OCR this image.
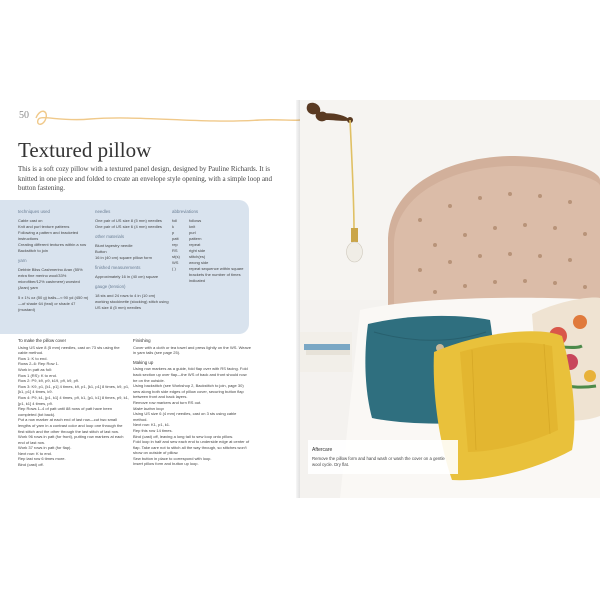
50
Textured pillow

This is a soft cozy pillow with a textured panel design, designed by Pauline Richards. It is knitted in one piece and folded to create an envelope style opening, with a simple loop and button fastening.

techniques used

Cable cast on

Knit and purl texture patterns

Following a pattern and bracketed instructions

Creating different textures within a row

Backstitch to join

yarn

Debbie Bliss Cashmerino Aran (55% extra fine merino wool/33% microfiber/12% cashmere) worsted (Aran) yarn

5 x 1¾ oz (50 g) balls—≈ 90 yd (450 m) —of shade 64 (teal) or shade 47 (mustard)

needles

One pair of US size 8 (5 mm) needles

One pair of US size 6 (4 mm) needles

other materials

Blunt tapestry needle

Button

16 in (40 cm) square pillow form

finished measurements

Approximately 16 in (40 cm) square

gauge (tension)

18 sts and 24 rows to 4 in (10 cm) working stockinette (stocking) stitch using US size 8 (5 mm) needles

abbreviations
foll	follows
k	knit
p	purl
patt	pattern
rep	repeat
RS	right side
st(s)	stitch(es)
WS	wrong side
( )	repeat sequence within square brackets the number of times indicated
To make the pillow cover

Using US size 8 (5 mm) needles, cast on 73 sts using the cable method.

Row 1: K to end.

Rows 2–6: Rep Row 1.

Work in patt as foll:

Row 1 (RS): K to end.

Row 2: P9, k9, p9, k19, p9, k9, p9.

Row 3: K9, p1, [k1, p1] 4 times, k9, p1, [k1, p1] 8 times, k9, p1, [k1, p1] 4 times, k9.

Row 4: P9, k1, [p1, k1] 4 times, p9, k1, [p1, k1] 8 times, p9, k1, [p1, k1] 4 times, p9.

Rep Rows 1–4 of patt until 88 rows of patt have been completed (tot back).

Put a row marker at each end of last row—cut two small lengths of yarn in a contrast color and loop one through the first stitch and the other through the last stitch of last row.

Work 96 rows in patt (for front), putting row markers at each end of last row.

Work 37 rows in patt (for flap).

Next row: K to end.

Rep last row 6 times more.

Bind (cast) off.

Finishing

Cover with a cloth or tea towel and press lightly on the WS. Weave in yarn tails (see page 25).

Making up

Using row markers as a guide, fold flap over with RS facing. Fold back section up over flap—the WS of back and front should now be on the outside.

Using backstitch (see Workshop 2, Backstitch to join, page 30) sew along both side edges of pillow cover, securing button flap between front and back layers.

Remove row markers and turn RS out.

Make button loop

Using US size 6 (4 mm) needles, cast on 3 sts using cable method.

Next row: K1, p1, k1.

Rep this row 14 times.

Bind (cast) off, leaving a long tail to sew loop onto pillow.

Fold loop in half and sew each end to underside edge at center of flap. Take care not to stitch all the way through, so stitches won't show on outside of pillow.

Sew button in place to correspond with loop.

Insert pillow form and button up loop.

Aftercare

Remove the pillow form and hand wash or wash the cover on a gentle wool cycle. Dry flat.
